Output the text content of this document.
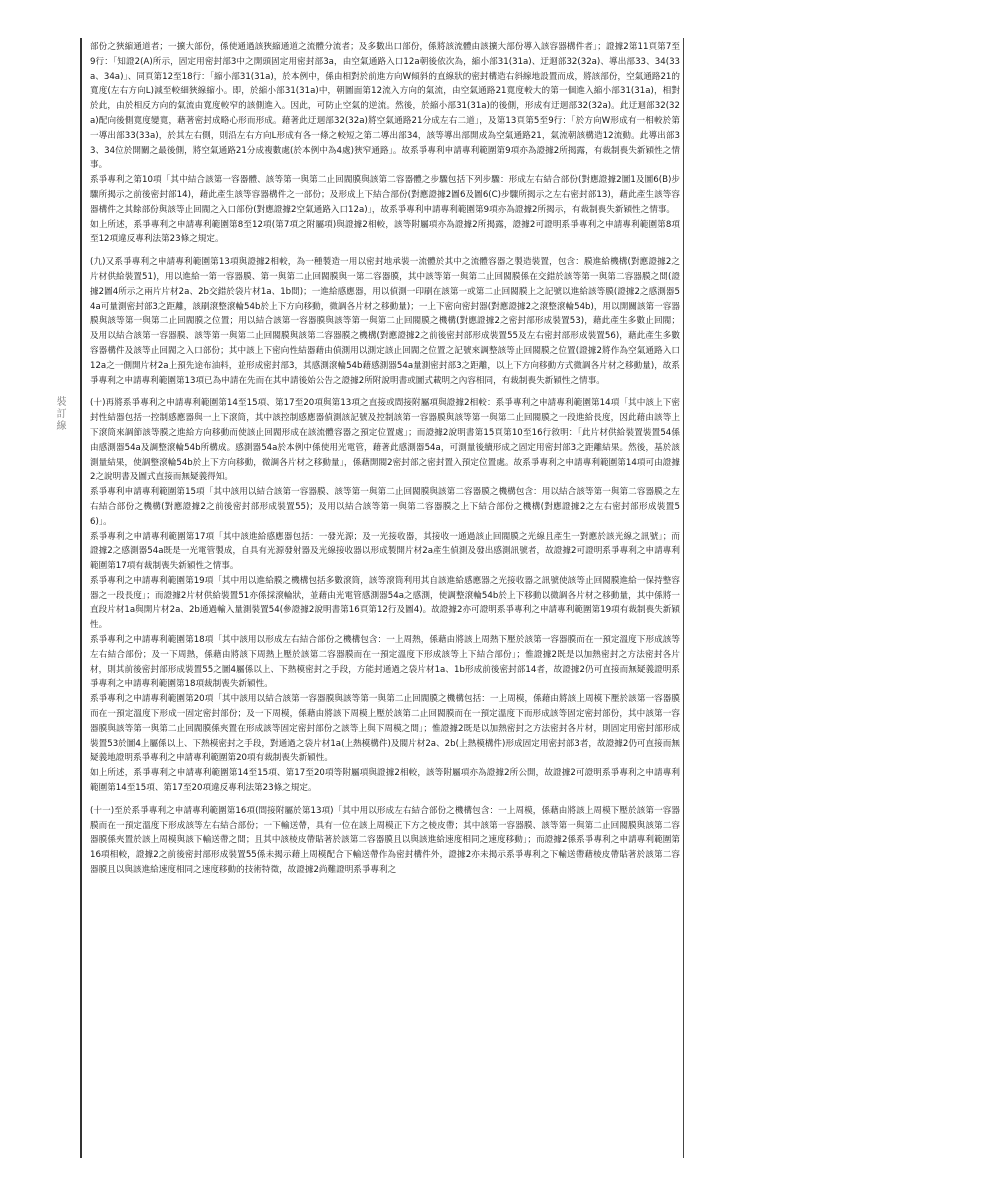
裝訂線

部份之狹縮通道者；一擴大部份，係使通過該狹縮通道之流體分流者；及多數出口部份，係將該流體由該擴大部份導入該容器構件者」；證據2第11頁第7至9行：「知證2(A)所示，固定用密封部3中之開頭固定用密封部3a，由空氣通路入口12a朝後依次為，縮小部31(31a)、迂迴部32(32a)、導出部33、34(33a、34a)」、同頁第12至18行：「縮小部31(31a)，於本例中，係由相對於前進方向W傾斜的直線狀的密封構造右斜線地設置而成，將該部份，空氣通路21的寬度(左右方向L)減至較細狹線縮小。即，於縮小部31(31a)中，朝圖面第12流入方向的氣流，由空氣通路21寬度較大的第一個進入縮小部31(31a)，相對於此，由於相反方向的氣流由寬度較窄的該側進入。因此，可防止空氣的逆流。然後，於縮小部31(31a)的後側，形成有迂迴部32(32a)。此迂迴部32(32a)配向後側寬度變寬，藉著密封成略心形而形成。藉著此迂迴部32(32a)將空氣通路21分成左右二道」，及第13頁第5至9行：「於方向W形成有一相較於第一導出部33(33a)，於其左右側，則沿左右方向L形成有各一條之較短之第二導出部34，該等導出部開成為空氣通路21，氣流朝該構造12流動。此導出部33、34位於開關之最後側，將空氣通路21分成複數處(於本例中為4處)狹窄通路」。故系爭專利申請專利範圍第9項亦為證據2所揭露，有裁制喪失新穎性之情事。

系爭專利之第10項「其中結合該第一容器體、該等第一與第二止回閥膜與該第二容器體之步驟包括下列步驟：形成左右結合部份(對應證據2圖1及圖6(B)步驟所揭示之前後密封部14)，藉此產生該等容器構件之一部份；及形成上下結合部份(對應證據2圖6及圖6(C)步驟所揭示之左右密封部13)，藉此產生該等容器構件之其餘部份與該等止回閥之入口部份(對應證據2空氣通路入口12a)」，故系爭專利申請專利範圍第9項亦為證據2所揭示，有裁制喪失新穎性之情事。

如上所述，系爭專利之申請專利範圍第8至12項(第7項之附屬項)與證據2相較，該等附屬項亦為證據2所揭露，證據2可證明系爭專利之申請專利範圍第8項至12項違反專利法第23條之規定。

(九)又系爭專利之申請專利範圍第13項與證據2相較，為一種製造一用以密封地承裝一流體於其中之流體容器之製造裝置，包含：膜進給機構(對應證據2之片材供給裝置51)，用以進給一第一容器膜、第一與第二止回閥膜與一第二容器膜，其中該等第一與第二止回閥膜係在交錯於該等第一與第二容器膜之間(證據2圖4所示之兩片片材2a、2b交錯於袋片材1a、1b間)；一進給感應器，用以偵測一印刷在該第一或第二止回閥膜上之記號以進給該等膜(證據2之感測器54a可量測密封部3之距離，該刷滾整滾輪54b於上下方向移動，微調各片材之移動量)；一上下密向密封器(對應證據2之滾整滾輪54b)，用以開關該第一容器膜與該等第一與第二止回閥膜之位置；用以結合該第一容器膜與該等第一與第二止回閥膜之機構(對應證據2之密封部形成裝置53)，藉此產生多數止回閥；及用以結合該第一容器膜、該等第一與第二止回閥膜與該第二容器膜之機構(對應證據2之前後密封部形成裝置55及左右密封部形成裝置56)，藉此產生多數容器構件及該等止回閥之入口部份；其中該上下密向性結器藉由偵測用以測定該止回閥之位置之記號來調整該等止回閥膜之位置(證據2將作為空氣通路入口12a之一側開片材2a上預先途布油料，並形成密封部3，其感測滾輪54b藉感測器54a量測密封部3之距離，以上下方向移動方式微調各片材之移動量)，故系爭專利之申請專利範圍第13項已為申請在先而在其申請後始公告之證據2所附說明書或圖式載明之內容相同，有裁制喪失新穎性之情事。

(十)再將系爭專利之申請專利範圍第14至15項、第17至20項與第13項之直接或間接附屬項與證據2相較：系爭專利之申請專利範圍第14項「其中該上下密封性結器包括一控制感應器與一上下滾筒，其中該控制感應器偵測該記號及控制該第一容器膜與該等第一與第二止回閥膜之一段進給長度，因此藉由該等上下滾筒來調節該等膜之進給方向移動而使該止回閥形成在該流體容器之預定位置處」；而證據2說明書第15頁第10至16行敘明：「此片材供給裝置裝置54係由感測器54a及調整滾輪54b所構成。感測器54a於本例中係使用光電管，藉著此感測器54a，可測量後續形成之固定用密封部3之距離結果。然後，基於該測量結果，使調整滾輪54b於上下方向移動，微調各片材之移動量」，係藉開閥2密封部之密封置入預定位置處。故系爭專利之申請專利範圍第14項可由證據2之說明書及圖式直接而無疑義得知。

系爭專利申請專利範圍第15項「其中該用以結合該第一容器膜、該等第一與第二止回閥膜與該第二容器膜之機構包含：用以結合該等第一與第二容器膜之左右結合部份之機構(對應證據2之前後密封部形成裝置55)；及用以結合該等第一與第二容器膜之上下結合部份之機構(對應證據2之左右密封部形成裝置56)」。

系爭專利之申請專利範圍第17項「其中該進給感應器包括：一發光源；及一光接收器，其接收一通過該止回閥膜之光線且產生一對應於該光線之訊號」；而證據2之感測器54a既是一光電管製成，自具有光源發射器及光線接收器以形成製開片材2a產生偵測及發出感測訊號者，故證據2可證明系爭專利之申請專利範圍第17項有裁制喪失新穎性之情事。

系爭專利之申請專利範圍第19項「其中用以進給膜之機構包括多數滾筒，該等滾筒利用其自該進給感應器之光接收器之訊號使該等止回閥膜進給一保持整容器之一段長度」；而證據2片材供給裝置51亦係採滾輪狀，並藉由光電管感測器54a之感測，使調整滾輪54b於上下移動以微調各片材之移動量，其中係將一直段片材1a與開片材2a、2b通過輸入量測裝置54(參證據2說明書第16頁第12行及圖4)。故證據2亦可證明系爭專利之申請專利範圍第19項有裁制喪失新穎性。

系爭專利之申請專利範圍第18項「其中該用以形成左右結合部份之機構包含：一上周熱，係藉由將該上周熱下壓於該第一容器膜而在一預定溫度下形成該等左右結合部份；及一下周熱，係藉由將該下周熱上壓於該第二容器膜而在一預定溫度下形成該等上下結合部份」；惟證據2既是以加熱密封之方法密封各片材，則其前後密封部形成裝置55之圖4屬係以上、下熱模密封之手段，方能封通過之袋片材1a、1b形成前後密封部14者，故證據2仍可直接而無疑義證明系爭專利之申請專利範圍第18項裁制喪失新穎性。

系爭專利之申請專利範圍第20項「其中該用以結合該第一容器膜與該等第一與第二止回閥膜之機構包括：一上周模，係藉由將該上周模下壓於該第一容器膜而在一預定溫度下形成一固定密封部份；及一下周模，係藉由將該下周模上壓於該第二止回閥膜而在一預定溫度下而形成該等固定密封部份，其中該第一容器膜與該等第一與第二止回閥膜係夾置在形成該等固定密封部份之該等上與下周模之間」；惟證據2既是以加熱密封之方法密封各片材，則固定用密封部形成裝置53於圖4上屬係以上、下熱模密封之手段，對通過之袋片材1a(上熱模構件)及閥片材2a、2b(上熱模構件)形成固定用密封部3者，故證據2仍可直接而無疑義地證明系爭專利之申請專利範圍第20項有裁制喪失新穎性。

如上所述，系爭專利之申請專利範圍第14至15項、第17至20項等附屬項與證據2相較，該等附屬項亦為證據2所公開，故證據2可證明系爭專利之申請專利範圍第14至15項、第17至20項違反專利法第23條之規定。

(十一)至於系爭專利之申請專利範圍第16項(間接附屬於第13項)「其中用以形成左右結合部份之機構包含：一上周模，係藉由將該上周模下壓於該第一容器膜而在一預定溫度下形成該等左右結合部份；一下輸送帶，具有一位在該上周模正下方之棱皮帶；其中該第一容器膜、該等第一與第二止回閥膜與該第二容器膜係夾置於該上周模與該下輸送帶之間；且其中該棱皮帶貼著於該第二容器膜且以與該進給速度相同之速度移動」；而證據2係系爭專利之申請專利範圍第16項相較，證據2之前後密封部形成裝置55係未揭示藉上周模配合下輸送帶作為密封構件外，證據2亦未揭示系爭專利之下輸送帶藉棱皮帶貼著於該第二容器膜且以與該進給速度相同之速度移動的技術特徵，故證據2尚難證明系爭專利之
